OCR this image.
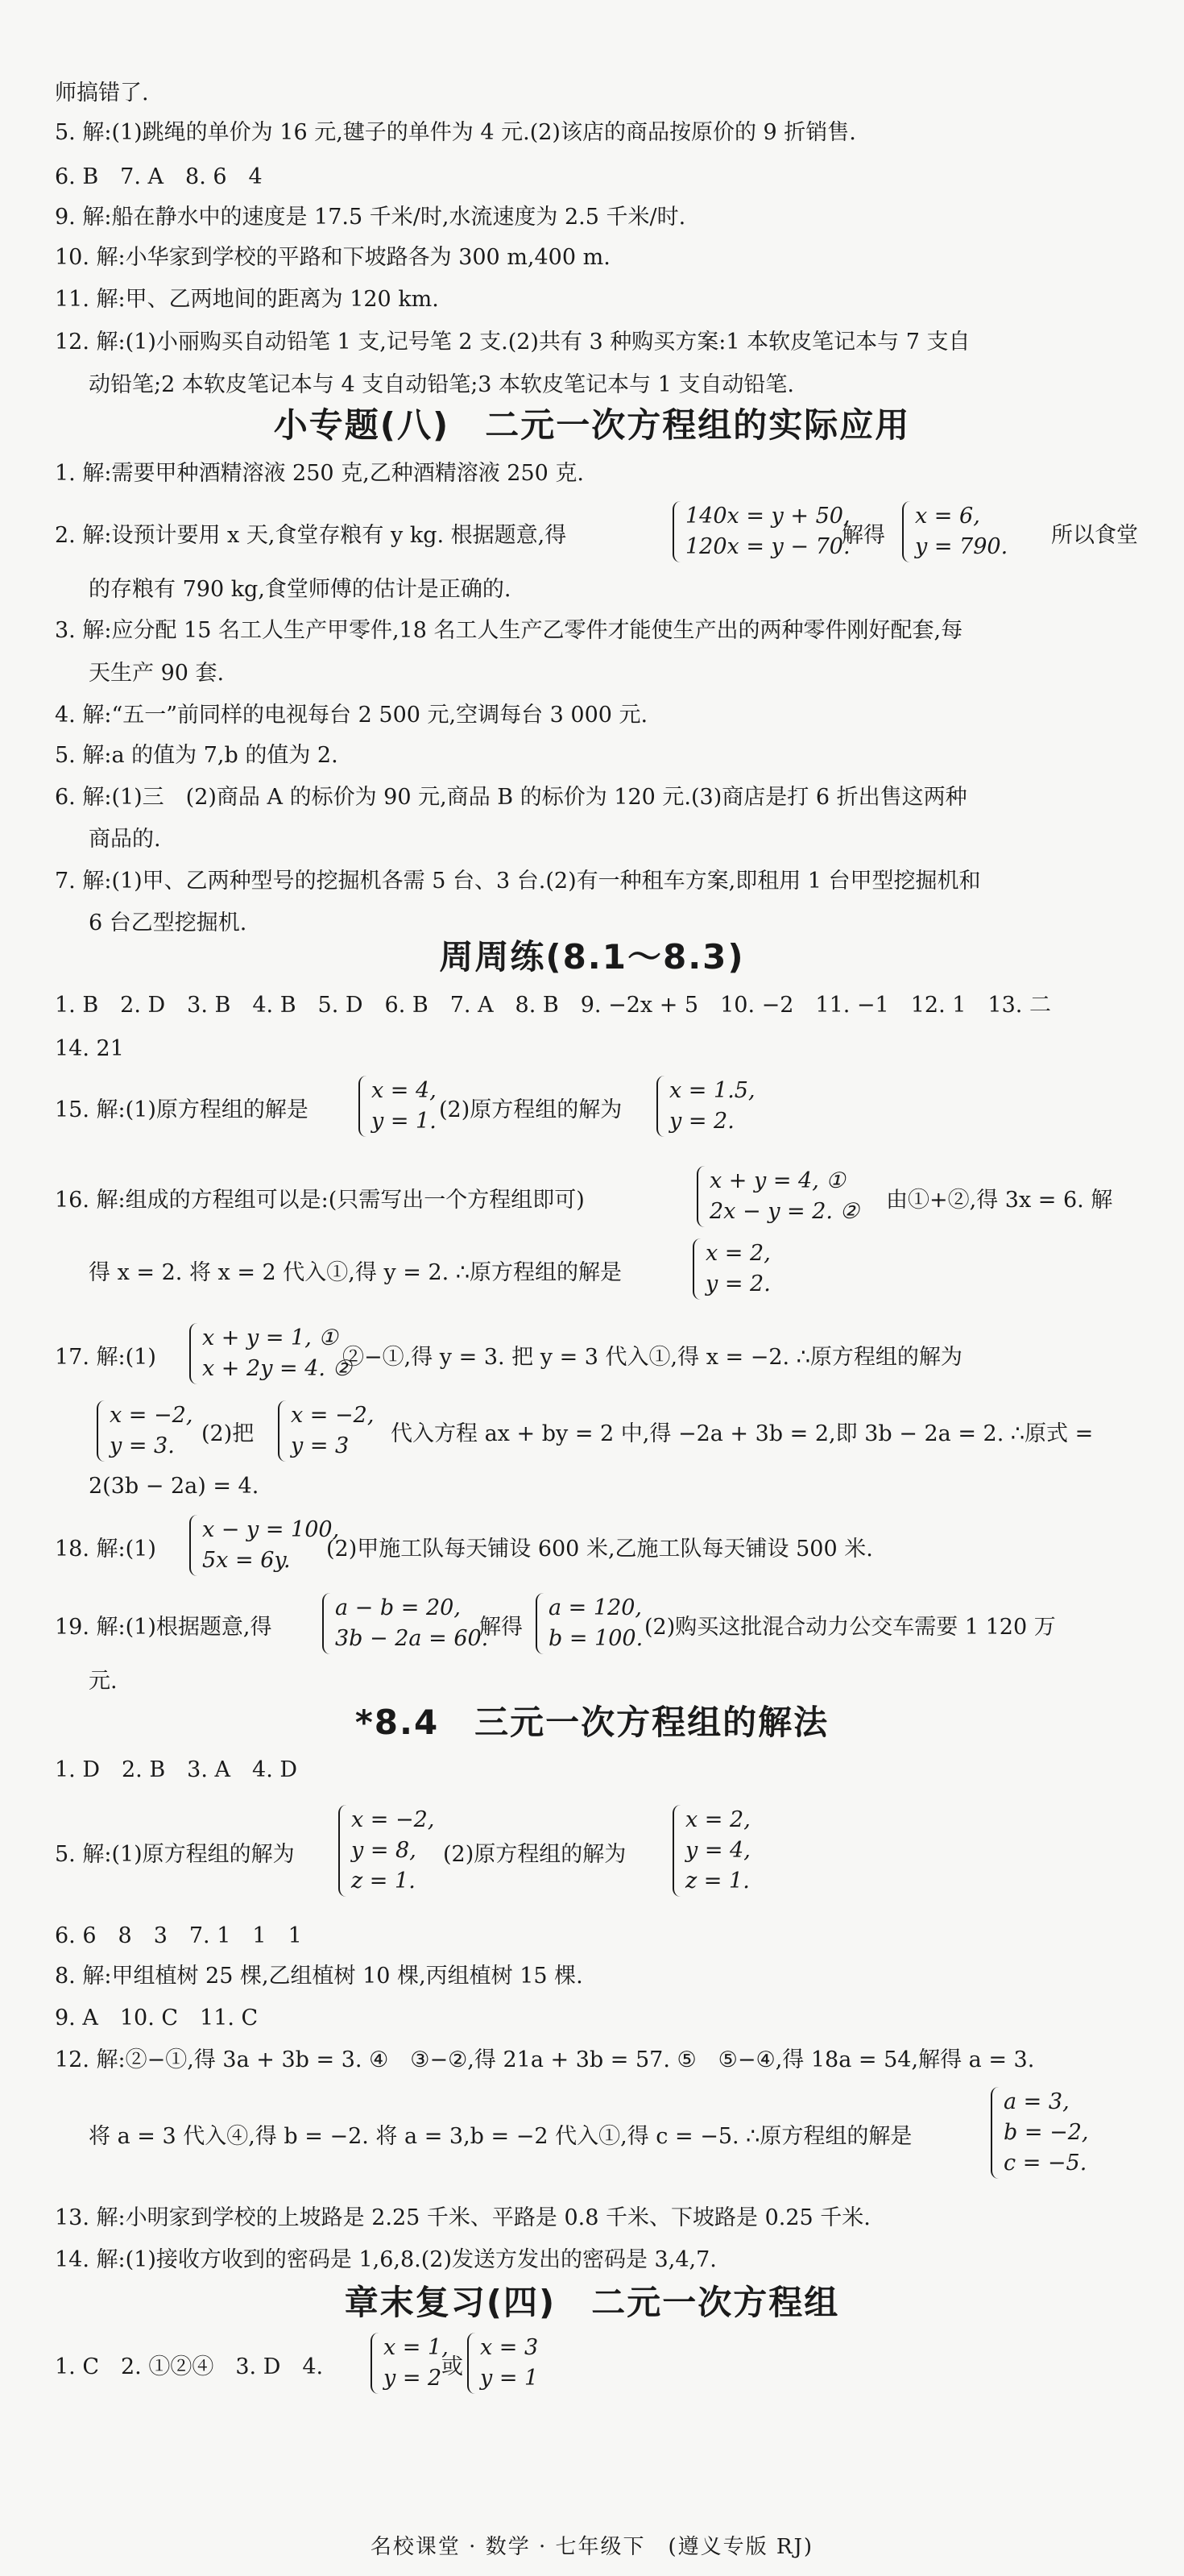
师搞错了.
5. 解:(1)跳绳的单价为 16 元,毽子的单件为 4 元.(2)该店的商品按原价的 9 折销售.
6. B　7. A　8. 6　4
9. 解:船在静水中的速度是 17.5 千米/时,水流速度为 2.5 千米/时.
10. 解:小华家到学校的平路和下坡路各为 300 m,400 m.
11. 解:甲、乙两地间的距离为 120 km.
12. 解:(1)小丽购买自动铅笔 1 支,记号笔 2 支.(2)共有 3 种购买方案:1 本软皮笔记本与 7 支自
动铅笔;2 本软皮笔记本与 4 支自动铅笔;3 本软皮笔记本与 1 支自动铅笔.
小专题(八)　二元一次方程组的实际应用
1. 解:需要甲种酒精溶液 250 克,乙种酒精溶液 250 克.
2. 解:设预计要用 x 天,食堂存粮有 y kg. 根据题意,得
140x = y + 50,
120x = y − 70.
解得
x = 6,
y = 790. 所以食堂
的存粮有 790 kg,食堂师傅的估计是正确的.
3. 解:应分配 15 名工人生产甲零件,18 名工人生产乙零件才能使生产出的两种零件刚好配套,每
天生产 90 套.
4. 解:“五一”前同样的电视每台 2 500 元,空调每台 3 000 元.
5. 解:a 的值为 7,b 的值为 2.
6. 解:(1)三　(2)商品 A 的标价为 90 元,商品 B 的标价为 120 元.(3)商店是打 6 折出售这两种
商品的.
7. 解:(1)甲、乙两种型号的挖掘机各需 5 台、3 台.(2)有一种租车方案,即租用 1 台甲型挖掘机和
6 台乙型挖掘机.
周周练(8.1～8.3)
1. B　2. D　3. B　4. B　5. D　6. B　7. A　8. B　9. −2x + 5　10. −2　11. −1　12. 1　13. 二
14. 21
15. 解:(1)原方程组的解是
x = 4,
y = 1. (2)原方程组的解为
x = 1.5,
y = 2.
16. 解:组成的方程组可以是:(只需写出一个方程组即可)
x + y = 4, ①
2x − y = 2. ② 由①+②,得 3x = 6. 解
得 x = 2. 将 x = 2 代入①,得 y = 2. ∴原方程组的解是
x = 2,
y = 2.
17. 解:(1)
x + y = 1, ①
x + 2y = 4. ②
②−①,得 y = 3. 把 y = 3 代入①,得 x = −2. ∴原方程组的解为
x = −2,
y = 3.	(2)把
x = −2,
y = 3	代入方程 ax + by = 2 中,得 −2a + 3b = 2,即 3b − 2a = 2. ∴原式 =
2(3b − 2a) = 4.
18. 解:(1)
x − y = 100,
5x = 6y.	(2)甲施工队每天铺设 600 米,乙施工队每天铺设 500 米.
19. 解:(1)根据题意,得
a − b = 20,
3b − 2a = 60.
解得
a = 120,
b = 100. (2)购买这批混合动力公交车需要 1 120 万
元.
*8.4　三元一次方程组的解法
1. D　2. B　3. A　4. D
5. 解:(1)原方程组的解为
x = −2,
y = 8,
z = 1.
(2)原方程组的解为
x = 2,
y = 4,
z = 1.
6. 6　8　3　7. 1　1　1
8. 解:甲组植树 25 棵,乙组植树 10 棵,丙组植树 15 棵.
9. A　10. C　11. C
12. 解:②−①,得 3a + 3b = 3. ④　③−②,得 21a + 3b = 57. ⑤　⑤−④,得 18a = 54,解得 a = 3.
将 a = 3 代入④,得 b = −2. 将 a = 3,b = −2 代入①,得 c = −5. ∴原方程组的解是
a = 3,
b = −2,
c = −5.
13. 解:小明家到学校的上坡路是 2.25 千米、平路是 0.8 千米、下坡路是 0.25 千米.
14. 解:(1)接收方收到的密码是 1,6,8.(2)发送方发出的密码是 3,4,7.
章末复习(四)　二元一次方程组
1. C　2. ①②④　3. D　4.
x = 1,
y = 2 或
x = 3
y = 1
名校课堂 · 数学 · 七年级下　(遵义专版 RJ)
